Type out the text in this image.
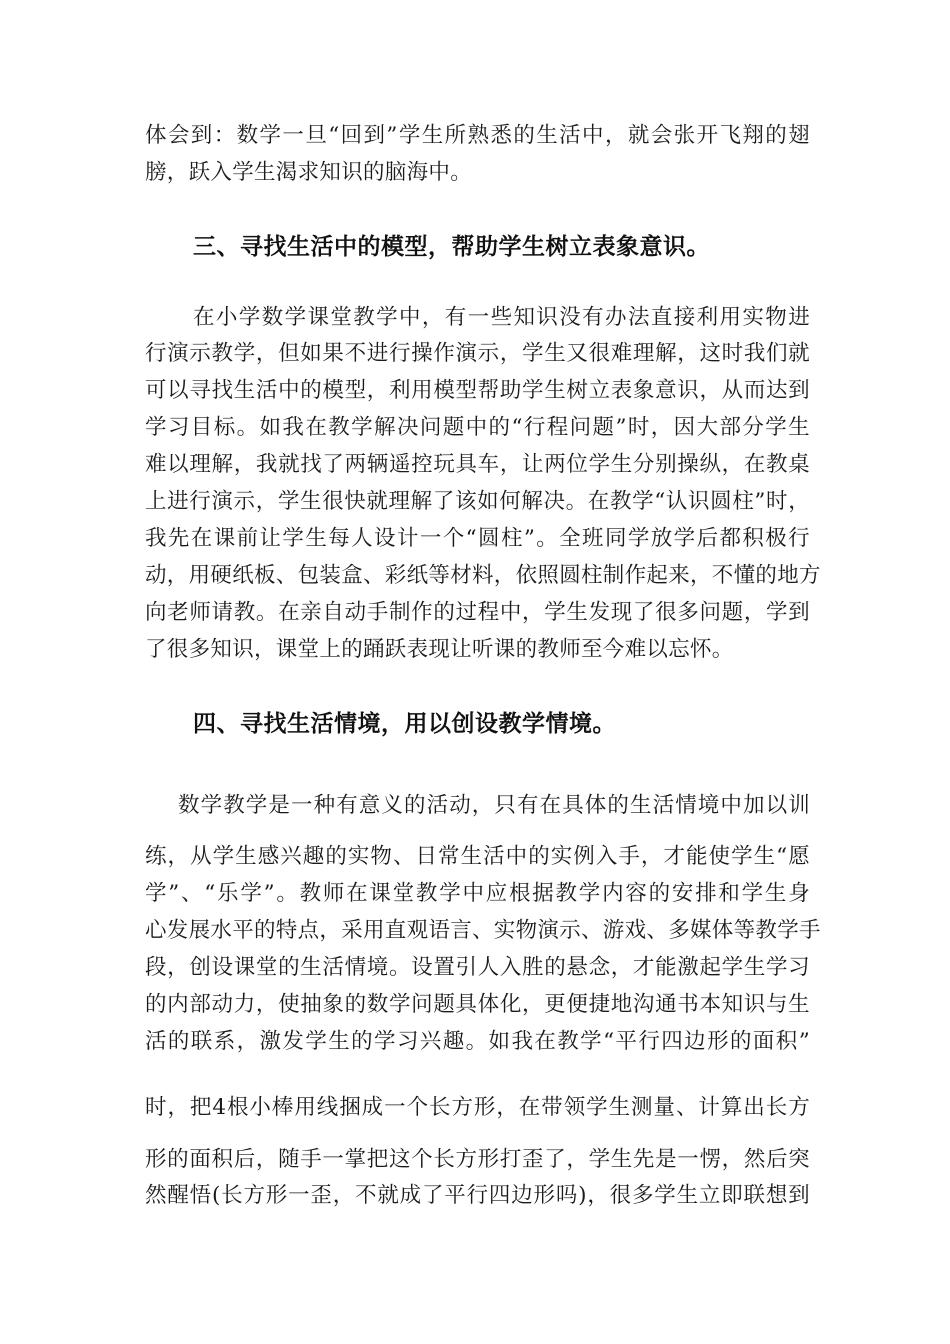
体会到：数学一旦“回到”学生所熟悉的生活中，就会张开飞翔的翅
膀，跃入学生渴求知识的脑海中。
三、寻找生活中的模型，帮助学生树立表象意识。
在小学数学课堂教学中，有一些知识没有办法直接利用实物进
行演示教学，但如果不进行操作演示，学生又很难理解，这时我们就
可以寻找生活中的模型，利用模型帮助学生树立表象意识，从而达到
学习目标。如我在教学解决问题中的“行程问题”时，因大部分学生
难以理解，我就找了两辆遥控玩具车，让两位学生分别操纵，在教桌
上进行演示，学生很快就理解了该如何解决。在教学“认识圆柱”时，
我先在课前让学生每人设计一个“圆柱”。全班同学放学后都积极行
动，用硬纸板、包装盒、彩纸等材料，依照圆柱制作起来，不懂的地方
向老师请教。在亲自动手制作的过程中，学生发现了很多问题，学到
了很多知识，课堂上的踊跃表现让听课的教师至今难以忘怀。
四、寻找生活情境，用以创设教学情境。
数学教学是一种有意义的活动，只有在具体的生活情境中加以训
练，从学生感兴趣的实物、日常生活中的实例入手，才能使学生“愿
学”、“乐学”。教师在课堂教学中应根据教学内容的安排和学生身
心发展水平的特点，采用直观语言、实物演示、游戏、多媒体等教学手
段，创设课堂的生活情境。设置引人入胜的悬念，才能激起学生学习
的内部动力，使抽象的数学问题具体化，更便捷地沟通书本知识与生
活的联系，激发学生的学习兴趣。如我在教学“平行四边形的面积”
时，把4根小棒用线捆成一个长方形，在带领学生测量、计算出长方
形的面积后，随手一掌把这个长方形打歪了，学生先是一愣，然后突
然醒悟(长方形一歪，不就成了平行四边形吗)，很多学生立即联想到
